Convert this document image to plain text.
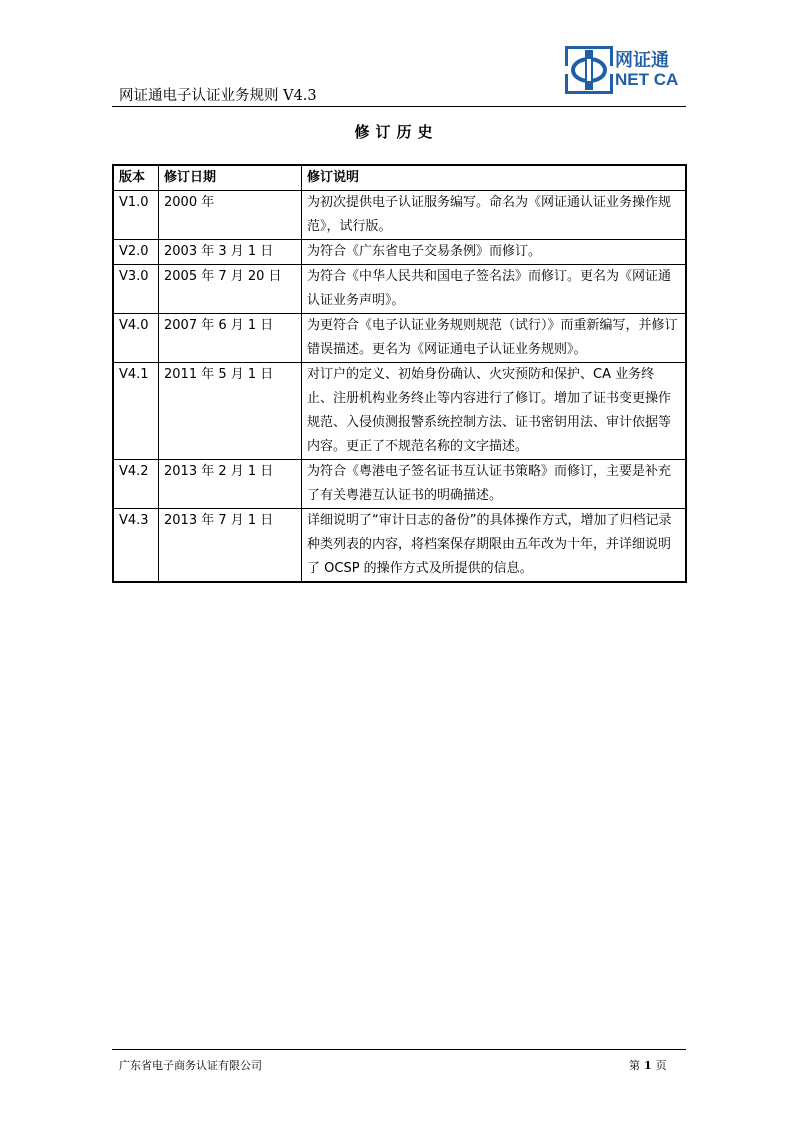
网证通电子认证业务规则 V4.3
网证通
NET CA
修订历史
版本	修订日期	修订说明
V1.0	2000 年	为初次提供电子认证服务编写。命名为《网证通认证业务操作规范》，试行版。
V2.0	2003 年 3 月 1 日	为符合《广东省电子交易条例》而修订。
V3.0	2005 年 7 月 20 日	为符合《中华人民共和国电子签名法》而修订。更名为《网证通认证业务声明》。
V4.0	2007 年 6 月 1 日	为更符合《电子认证业务规则规范（试行）》而重新编写，并修订错误描述。更名为《网证通电子认证业务规则》。
V4.1	2011 年 5 月 1 日	对订户的定义、初始身份确认、火灾预防和保护、CA 业务终止、注册机构业务终止等内容进行了修订。增加了证书变更操作规范、入侵侦测报警系统控制方法、证书密钥用法、审计依据等内容。更正了不规范名称的文字描述。
V4.2	2013 年 2 月 1 日	为符合《粤港电子签名证书互认证书策略》而修订，主要是补充了有关粤港互认证书的明确描述。
V4.3	2013 年 7 月 1 日	详细说明了“审计日志的备份”的具体操作方式，增加了归档记录种类列表的内容，将档案保存期限由五年改为十年，并详细说明了 OCSP 的操作方式及所提供的信息。
广东省电子商务认证有限公司	第 1 页
